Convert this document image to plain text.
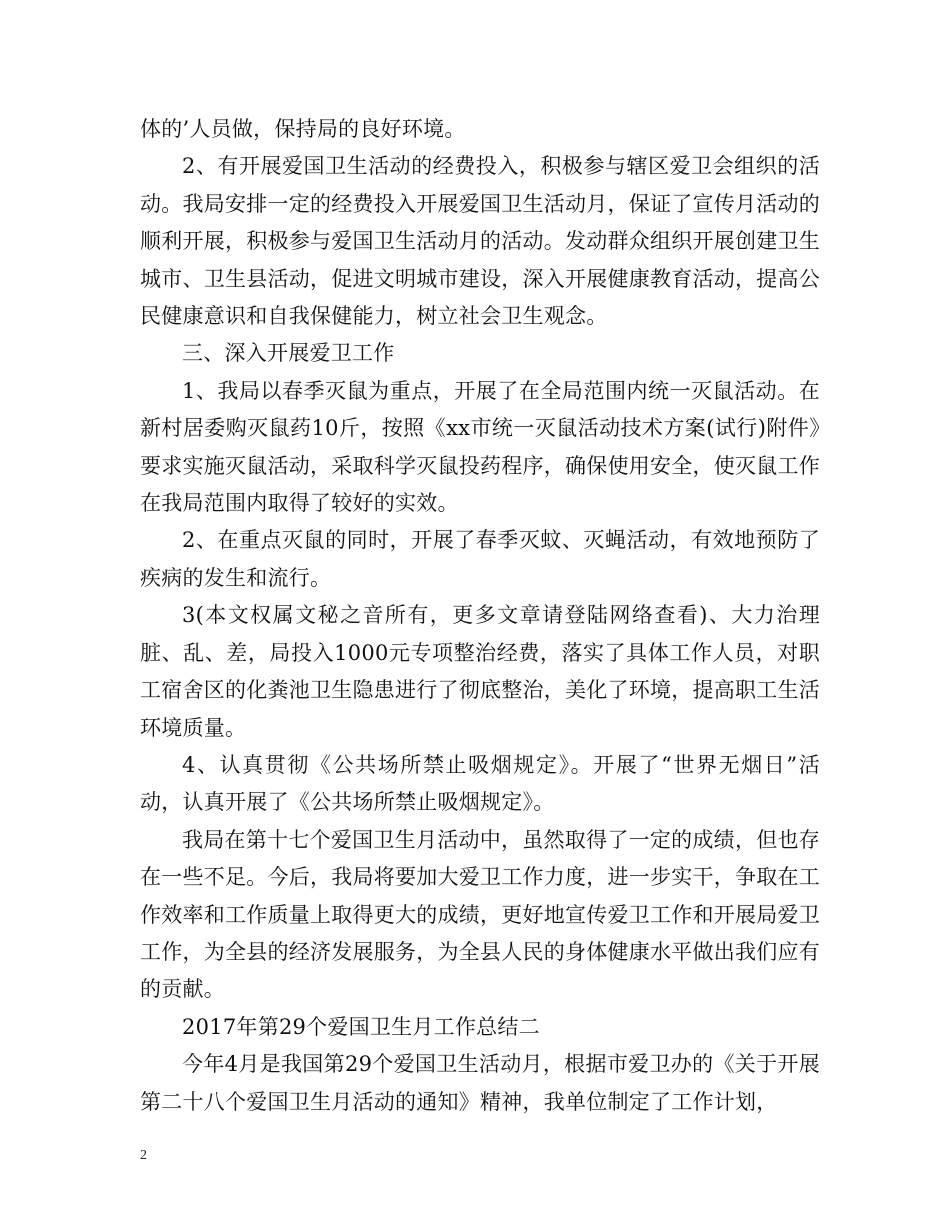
体的’人员做，保持局的良好环境。

2、有开展爱国卫生活动的经费投入，积极参与辖区爱卫会组织的活动。我局安排一定的经费投入开展爱国卫生活动月，保证了宣传月活动的顺利开展，积极参与爱国卫生活动月的活动。发动群众组织开展创建卫生城市、卫生县活动，促进文明城市建设，深入开展健康教育活动，提高公民健康意识和自我保健能力，树立社会卫生观念。

三、深入开展爱卫工作

1、我局以春季灭鼠为重点，开展了在全局范围内统一灭鼠活动。在新村居委购灭鼠药10斤，按照《xx市统一灭鼠活动技术方案(试行)附件》要求实施灭鼠活动，采取科学灭鼠投药程序，确保使用安全，使灭鼠工作在我局范围内取得了较好的实效。

2、在重点灭鼠的同时，开展了春季灭蚊、灭蝇活动，有效地预防了疾病的发生和流行。

3(本文权属文秘之音所有，更多文章请登陆网络查看)、大力治理脏、乱、差，局投入1000元专项整治经费，落实了具体工作人员，对职工宿舍区的化粪池卫生隐患进行了彻底整治，美化了环境，提高职工生活环境质量。

4、认真贯彻《公共场所禁止吸烟规定》。开展了“世界无烟日”活动，认真开展了《公共场所禁止吸烟规定》。

我局在第十七个爱国卫生月活动中，虽然取得了一定的成绩，但也存在一些不足。今后，我局将要加大爱卫工作力度，进一步实干，争取在工作效率和工作质量上取得更大的成绩，更好地宣传爱卫工作和开展局爱卫工作，为全县的经济发展服务，为全县人民的身体健康水平做出我们应有的贡献。

2017年第29个爱国卫生月工作总结二

今年4月是我国第29个爱国卫生活动月，根据市爱卫办的《关于开展第二十八个爱国卫生月活动的通知》精神，我单位制定了工作计划，

2
